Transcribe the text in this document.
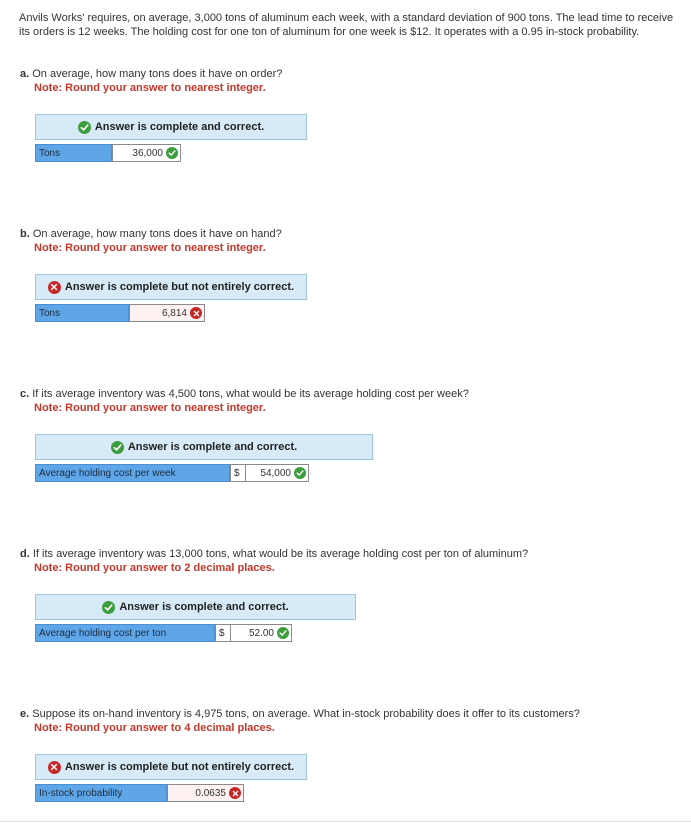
Anvils Works' requires, on average, 3,000 tons of aluminum each week, with a standard deviation of 900 tons. The lead time to receive its orders is 12 weeks. The holding cost for one ton of aluminum for one week is $12. It operates with a 0.95 in-stock probability.
a. On average, how many tons does it have on order?
Note: Round your answer to nearest integer.
Answer is complete and correct.
Tons	36,000
b. On average, how many tons does it have on hand?
Note: Round your answer to nearest integer.
Answer is complete but not entirely correct.
Tons	6,814
c. If its average inventory was 4,500 tons, what would be its average holding cost per week?
Note: Round your answer to nearest integer.
Answer is complete and correct.
Average holding cost per week	$	54,000
d. If its average inventory was 13,000 tons, what would be its average holding cost per ton of aluminum?
Note: Round your answer to 2 decimal places.
Answer is complete and correct.
Average holding cost per ton	$	52.00
e. Suppose its on-hand inventory is 4,975 tons, on average. What in-stock probability does it offer to its customers?
Note: Round your answer to 4 decimal places.
Answer is complete but not entirely correct.
In-stock probability	0.0635
